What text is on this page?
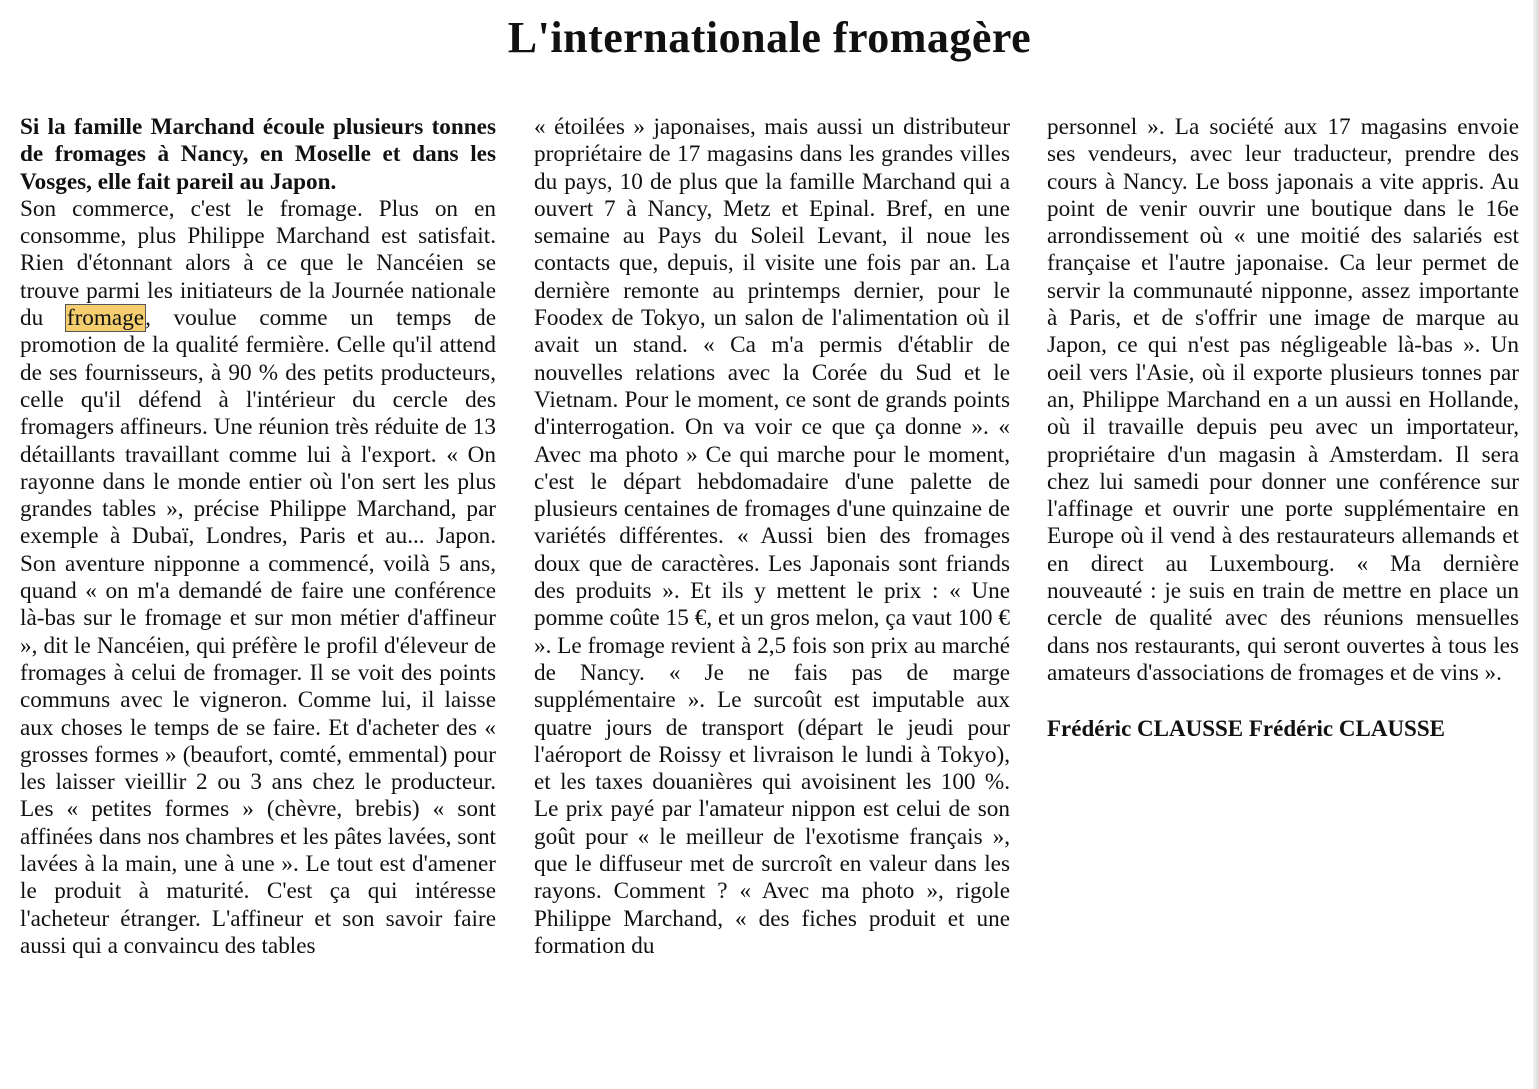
L'internationale fromagère

Si la famille Marchand écoule plusieurs tonnes de fromages à Nancy, en Moselle et dans les Vosges, elle fait pareil au Japon.

Son commerce, c'est le fromage. Plus on en consomme, plus Philippe Marchand est satisfait. Rien d'étonnant alors à ce que le Nancéien se trouve parmi les initiateurs de la Journée nationale du fromage, voulue comme un temps de promotion de la qualité fermière. Celle qu'il attend de ses fournisseurs, à 90 % des petits producteurs, celle qu'il défend à l'intérieur du cercle des fromagers affineurs. Une réunion très réduite de 13 détaillants travaillant comme lui à l'export. « On rayonne dans le monde entier où l'on sert les plus grandes tables », précise Philippe Marchand, par exemple à Dubaï, Londres, Paris et au... Japon. Son aventure nipponne a commencé, voilà 5 ans, quand « on m'a demandé de faire une conférence là-bas sur le fromage et sur mon métier d'affineur », dit le Nancéien, qui préfère le profil d'éleveur de fromages à celui de fromager. Il se voit des points communs avec le vigneron. Comme lui, il laisse aux choses le temps de se faire. Et d'acheter des « grosses formes » (beaufort, comté, emmental) pour les laisser vieillir 2 ou 3 ans chez le producteur. Les « petites formes » (chèvre, brebis) « sont affinées dans nos chambres et les pâtes lavées, sont lavées à la main, une à une ». Le tout est d'amener le produit à maturité. C'est ça qui intéresse l'acheteur étranger. L'affineur et son savoir faire aussi qui a convaincu des tables

« étoilées » japonaises, mais aussi un distributeur propriétaire de 17 magasins dans les grandes villes du pays, 10 de plus que la famille Marchand qui a ouvert 7 à Nancy, Metz et Epinal. Bref, en une semaine au Pays du Soleil Levant, il noue les contacts que, depuis, il visite une fois par an. La dernière remonte au printemps dernier, pour le Foodex de Tokyo, un salon de l'alimentation où il avait un stand. « Ca m'a permis d'établir de nouvelles relations avec la Corée du Sud et le Vietnam. Pour le moment, ce sont de grands points d'interrogation. On va voir ce que ça donne ». « Avec ma photo » Ce qui marche pour le moment, c'est le départ hebdomadaire d'une palette de plusieurs centaines de fromages d'une quinzaine de variétés différentes. « Aussi bien des fromages doux que de caractères. Les Japonais sont friands des produits ». Et ils y mettent le prix : « Une pomme coûte 15 €, et un gros melon, ça vaut 100 € ». Le fromage revient à 2,5 fois son prix au marché de Nancy. « Je ne fais pas de marge supplémentaire ». Le surcoût est imputable aux quatre jours de transport (départ le jeudi pour l'aéroport de Roissy et livraison le lundi à Tokyo), et les taxes douanières qui avoisinent les 100 %. Le prix payé par l'amateur nippon est celui de son goût pour « le meilleur de l'exotisme français », que le diffuseur met de surcroît en valeur dans les rayons. Comment ? « Avec ma photo », rigole Philippe Marchand, « des fiches produit et une formation du

personnel ». La société aux 17 magasins envoie ses vendeurs, avec leur traducteur, prendre des cours à Nancy. Le boss japonais a vite appris. Au point de venir ouvrir une boutique dans le 16e arrondissement où « une moitié des salariés est française et l'autre japonaise. Ca leur permet de servir la communauté nipponne, assez importante à Paris, et de s'offrir une image de marque au Japon, ce qui n'est pas négligeable là-bas ». Un oeil vers l'Asie, où il exporte plusieurs tonnes par an, Philippe Marchand en a un aussi en Hollande, où il travaille depuis peu avec un importateur, propriétaire d'un magasin à Amsterdam. Il sera chez lui samedi pour donner une conférence sur l'affinage et ouvrir une porte supplémentaire en Europe où il vend à des restaurateurs allemands et en direct au Luxembourg. « Ma dernière nouveauté : je suis en train de mettre en place un cercle de qualité avec des réunions mensuelles dans nos restaurants, qui seront ouvertes à tous les amateurs d'associations de fromages et de vins ».

Frédéric CLAUSSE Frédéric CLAUSSE
